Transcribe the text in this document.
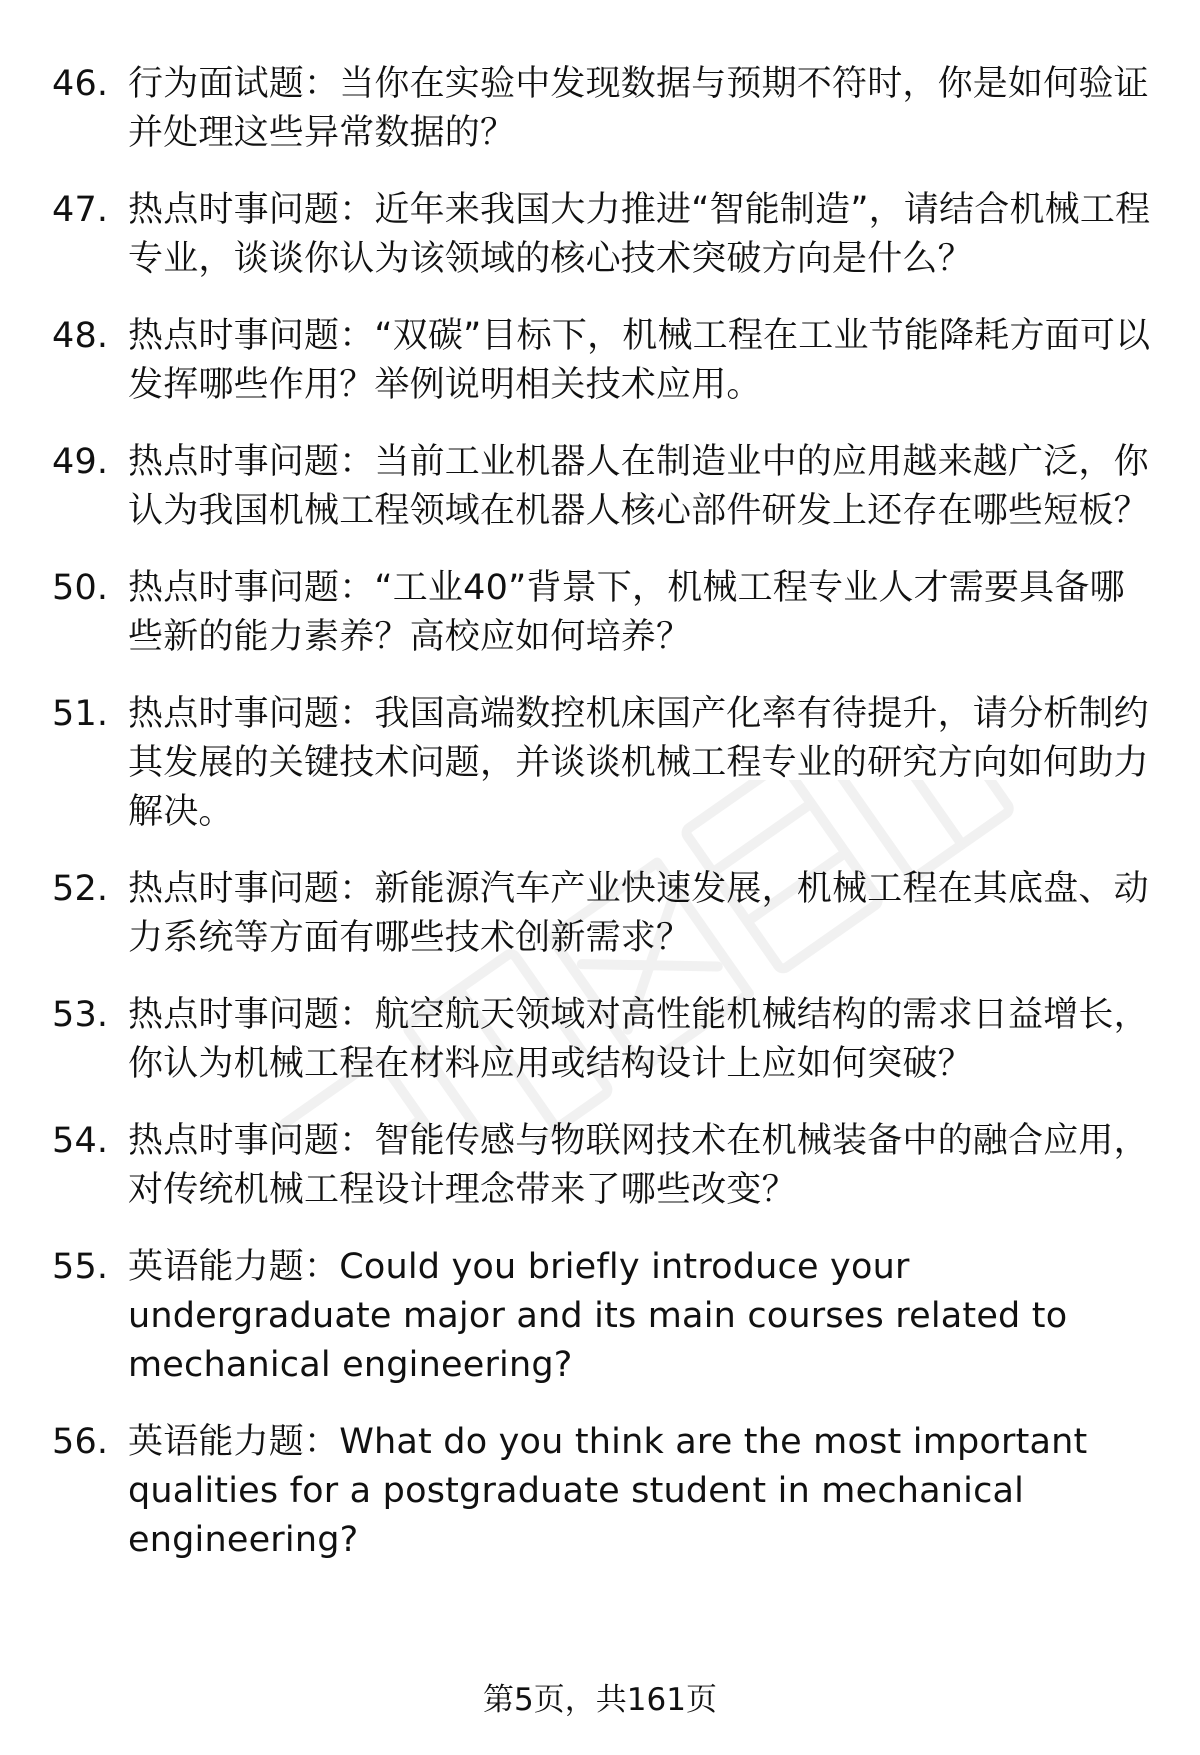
46. 行为面试题：当你在实验中发现数据与预期不符时，你是如何验证并处理这些异常数据的？
47. 热点时事问题：近年来我国大力推进“智能制造”，请结合机械工程专业，谈谈你认为该领域的核心技术突破方向是什么？
48. 热点时事问题：“双碳”目标下，机械工程在工业节能降耗方面可以发挥哪些作用？举例说明相关技术应用。
49. 热点时事问题：当前工业机器人在制造业中的应用越来越广泛，你认为我国机械工程领域在机器人核心部件研发上还存在哪些短板？
50. 热点时事问题：“工业40”背景下，机械工程专业人才需要具备哪些新的能力素养？高校应如何培养？
51. 热点时事问题：我国高端数控机床国产化率有待提升，请分析制约其发展的关键技术问题，并谈谈机械工程专业的研究方向如何助力解决。
52. 热点时事问题：新能源汽车产业快速发展，机械工程在其底盘、动力系统等方面有哪些技术创新需求？
53. 热点时事问题：航空航天领域对高性能机械结构的需求日益增长，你认为机械工程在材料应用或结构设计上应如何突破？
54. 热点时事问题：智能传感与物联网技术在机械装备中的融合应用，对传统机械工程设计理念带来了哪些改变？
55. 英语能力题：Could you briefly introduce your undergraduate major and its main courses related to mechanical engineering?
56. 英语能力题：What do you think are the most important qualities for a postgraduate student in mechanical engineering?
第5页，共161页
